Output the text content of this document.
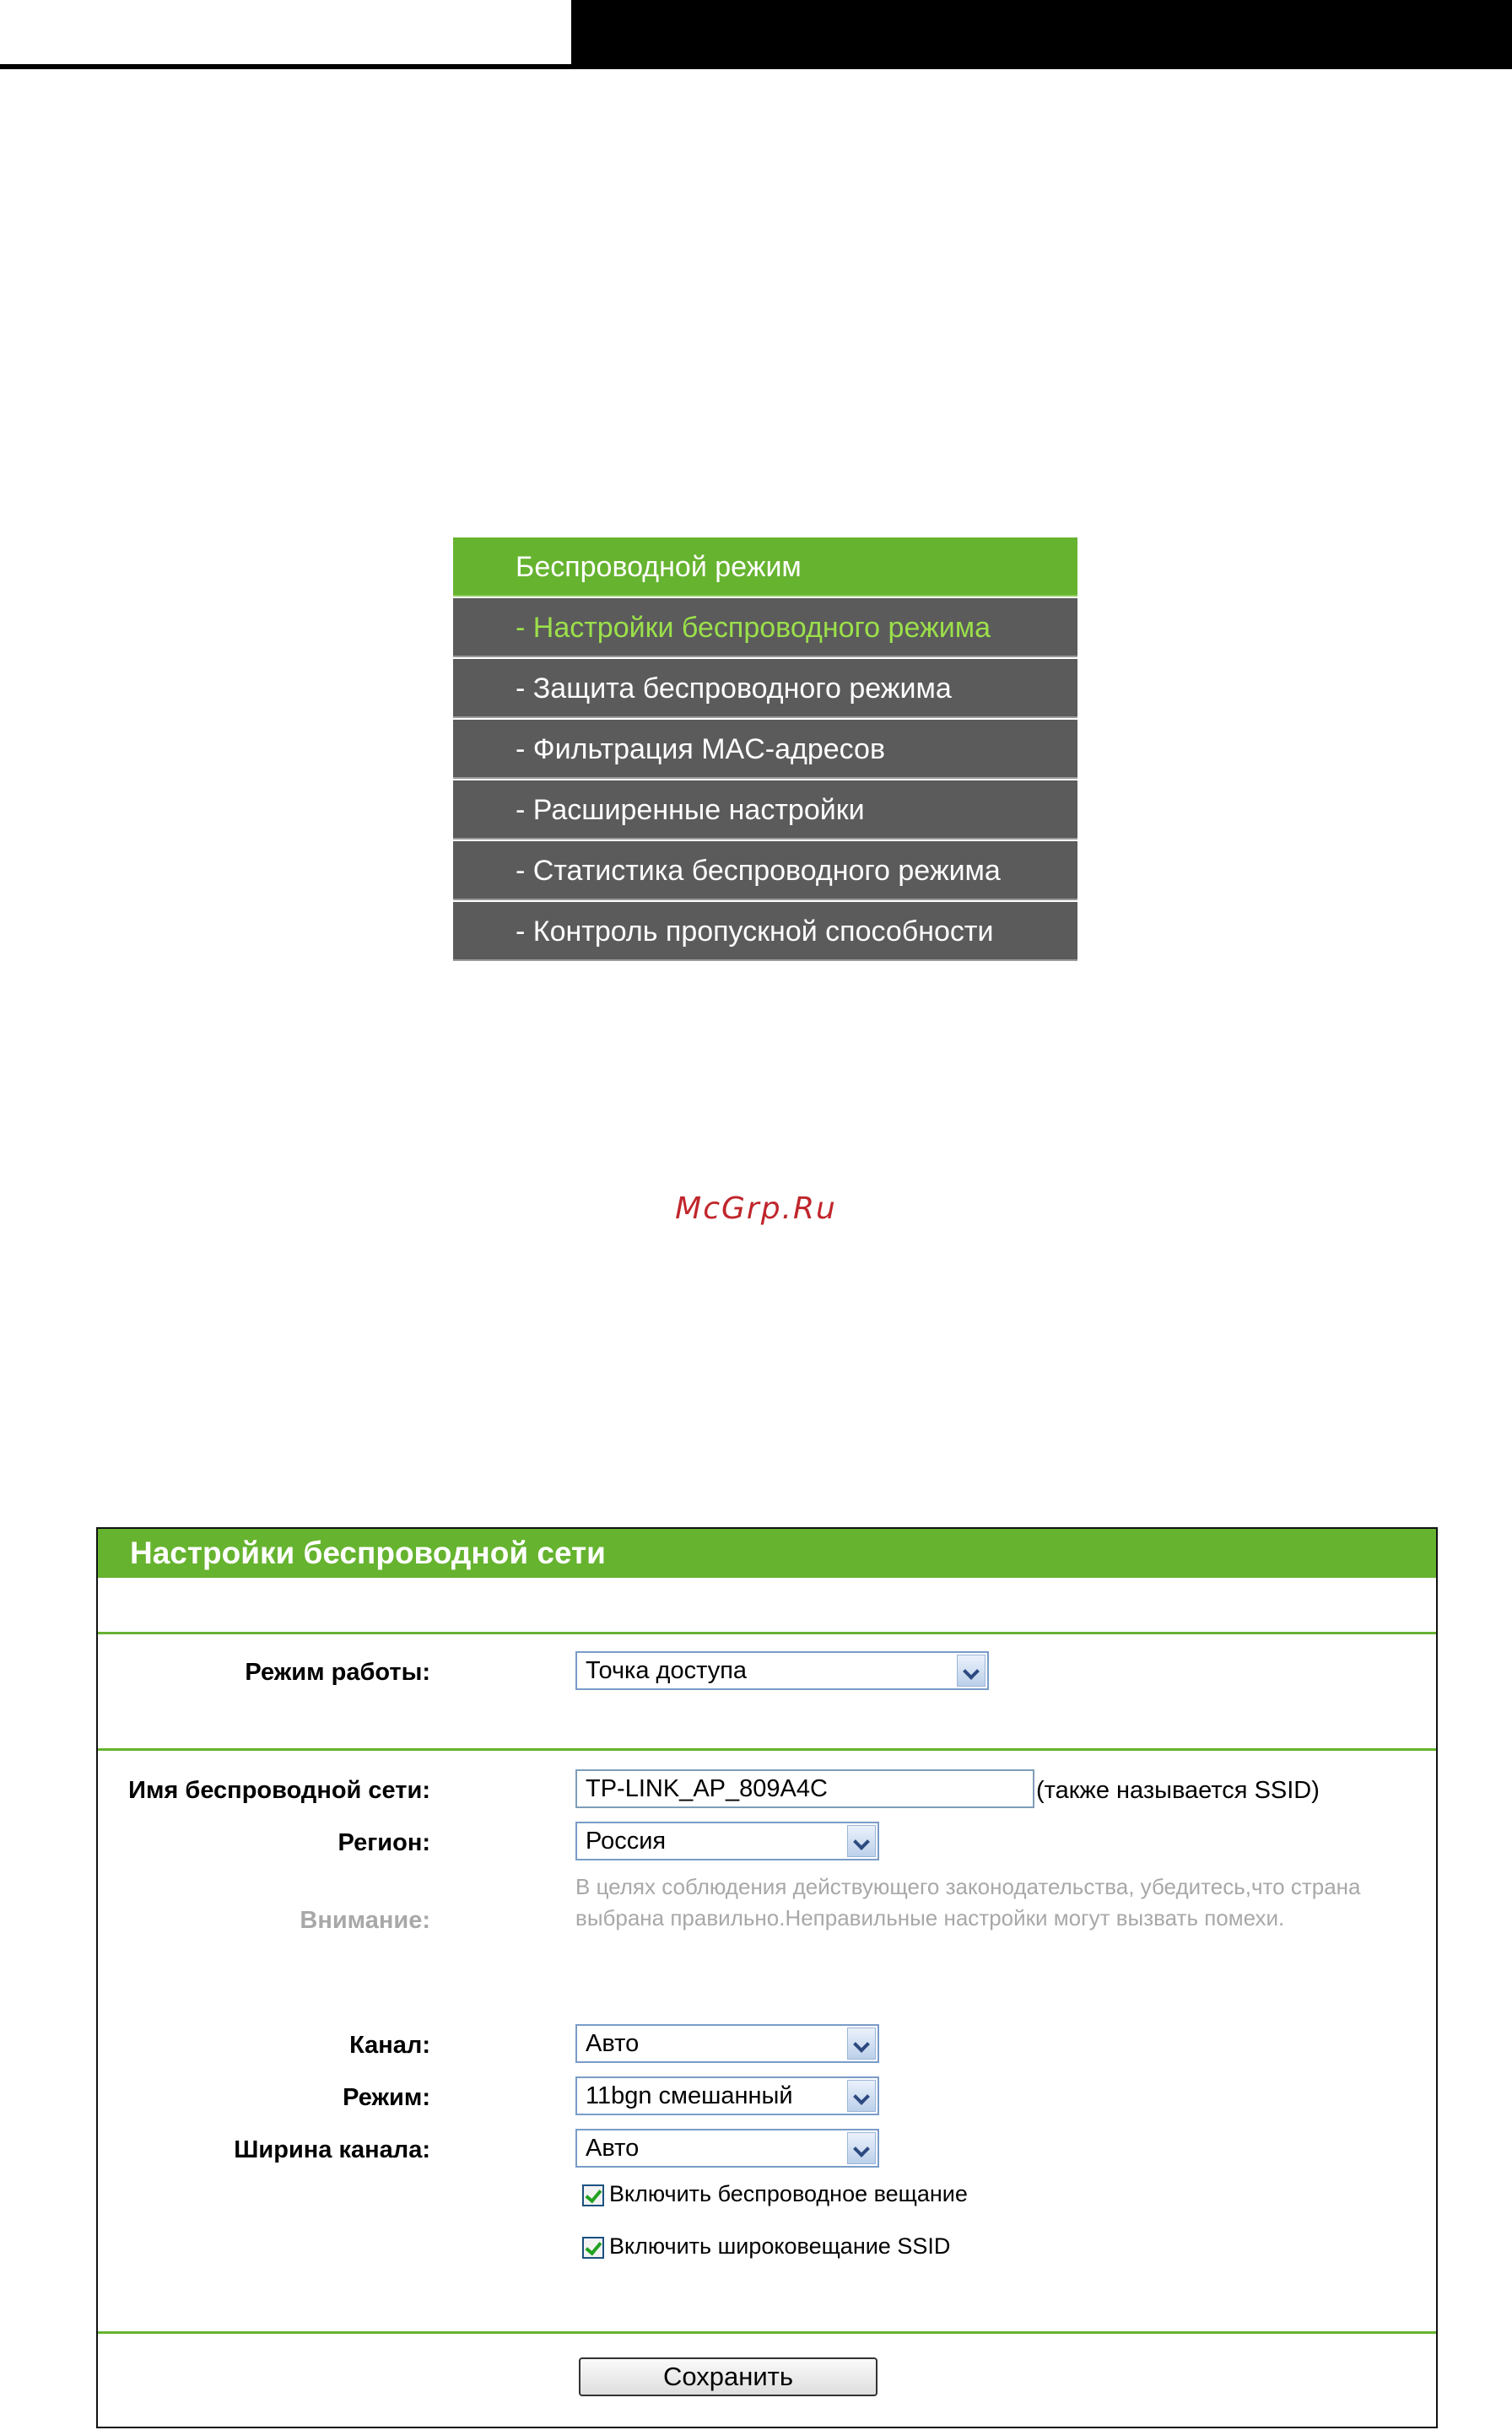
Беспроводной режим
- Настройки беспроводного режима
- Защита беспроводного режима
- Фильтрация MAC-адресов
- Расширенные настройки
- Статистика беспроводного режима
- Контроль пропускной способности
McGrp.Ru
Настройки беспроводной сети
Режим работы:	Точка доступа
Имя беспроводной сети:	TP-LINK_AP_809A4C	(также называется SSID)
Регион:	Россия
Внимание:
В целях соблюдения действующего законодательства, убедитесь,что страна выбрана правильно.Неправильные настройки могут вызвать помехи.
Канал:	Авто
Режим:	11bgn смешанный
Ширина канала:	Авто
Включить беспроводное вещание
Включить широковещание SSID
Сохранить
